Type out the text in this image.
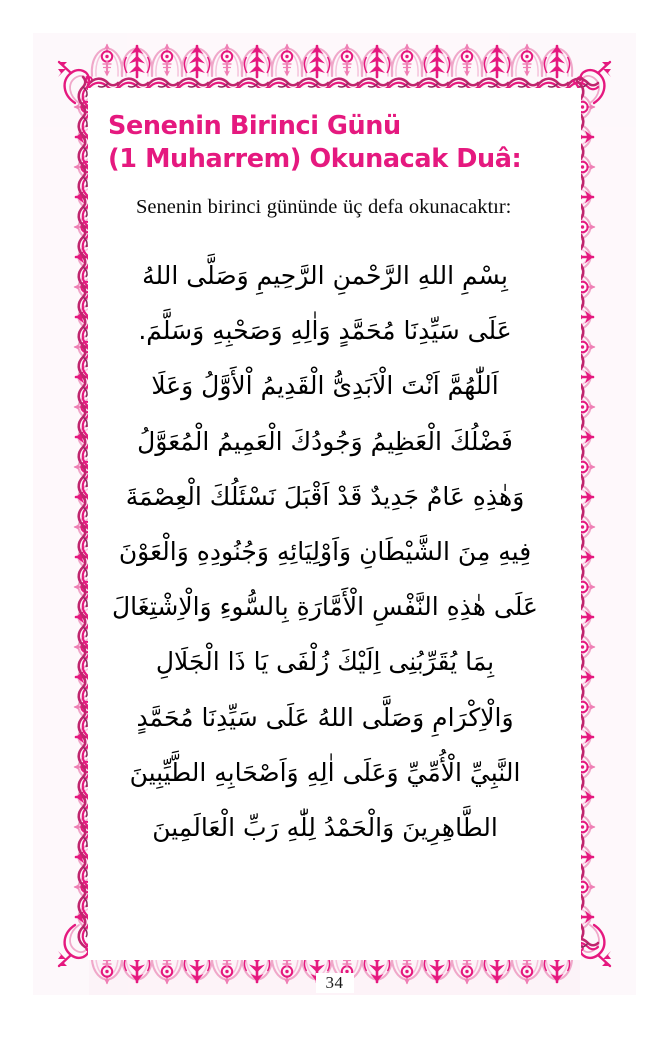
Senenin Birinci Günü
(1 Muharrem) Okunacak Duâ:

Senenin birinci gününde üç defa okunacaktır:

بِسْمِ اللهِ الرَّحْمنِ الرَّحِيمِ وَصَلَّى اللهُ
عَلَى سَيِّدِنَا مُحَمَّدٍ وَاٰلِهِ وَصَحْبِهِ وَسَلَّمَ.
اَللّٰهُمَّ اَنْتَ الْاَبَدِىُّ الْقَدِيمُ اْلأَوَّلُ وَعَلَا
فَضْلُكَ الْعَظِيمُ وَجُودُكَ الْعَمِيمُ الْمُعَوَّلُ
وَهٰذِهِ عَامٌ جَدِيدٌ قَدْ اَقْبَلَ نَسْئَلُكَ الْعِصْمَةَ
فِيهِ مِنَ الشَّيْطَانِ وَاَوْلِيَائِهِ وَجُنُودِهِ وَالْعَوْنَ
عَلَى هٰذِهِ النَّفْسِ الْأَمَّارَةِ بِالسُّوءِ وَالْاِشْتِغَالَ
بِمَا يُقَرِّبُنِى اِلَيْكَ زُلْفَى يَا ذَا الْجَلَالِ
وَالْاِكْرَامِ وَصَلَّى اللهُ عَلَى سَيِّدِنَا مُحَمَّدٍ
النَّبِيِّ الْأُمِّيِّ وَعَلَى اٰلِهِ وَاَصْحَابِهِ الطَّيِّبِينَ
الطَّاهِرِينَ وَالْحَمْدُ لِلّٰهِ رَبِّ الْعَالَمِينَ
34
